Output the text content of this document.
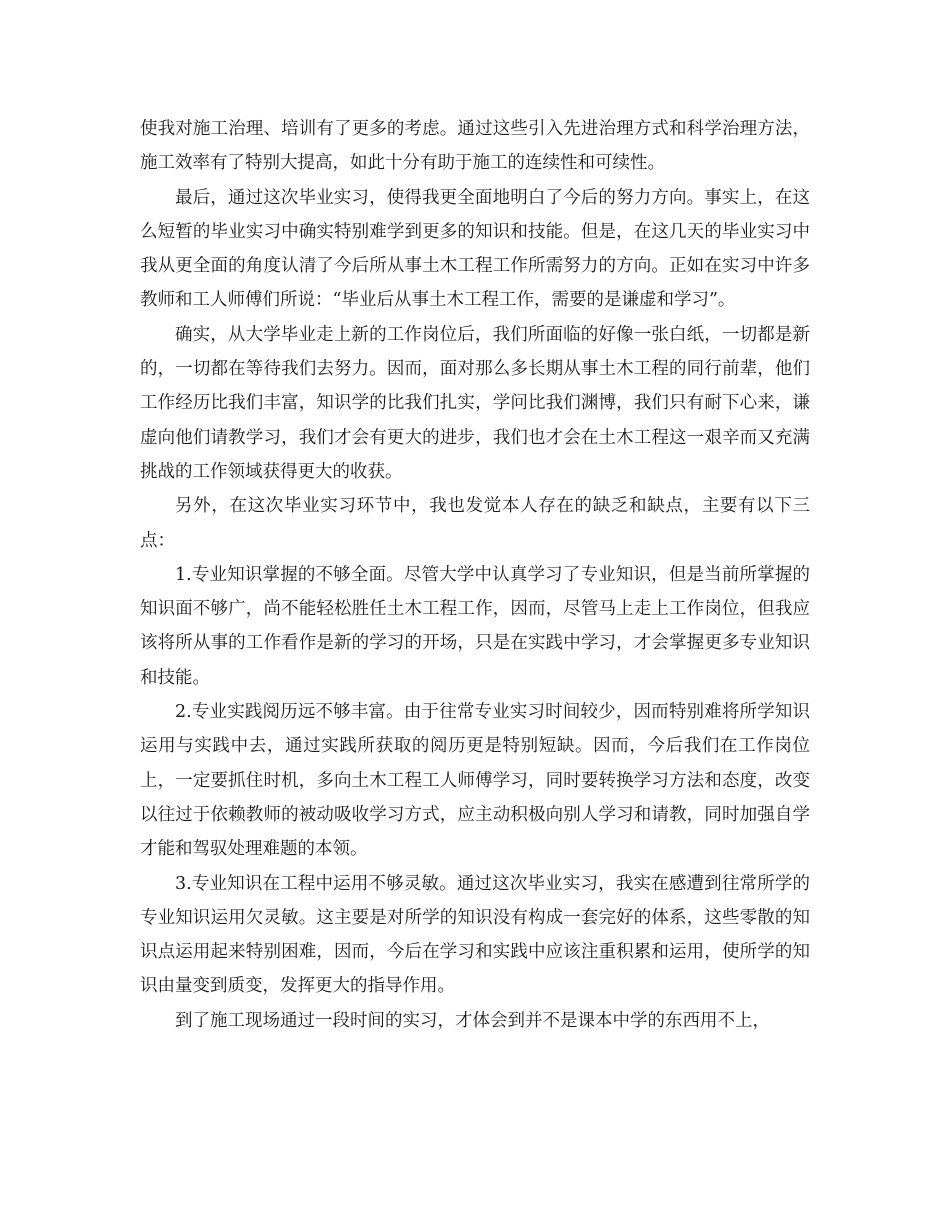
使我对施工治理、培训有了更多的考虑。通过这些引入先进治理方式和科学治理方法，施工效率有了特别大提高，如此十分有助于施工的连续性和可续性。

最后，通过这次毕业实习，使得我更全面地明白了今后的努力方向。事实上，在这么短暂的毕业实习中确实特别难学到更多的知识和技能。但是，在这几天的毕业实习中我从更全面的角度认清了今后所从事土木工程工作所需努力的方向。正如在实习中许多教师和工人师傅们所说：“毕业后从事土木工程工作，需要的是谦虚和学习”。

确实，从大学毕业走上新的工作岗位后，我们所面临的好像一张白纸，一切都是新的，一切都在等待我们去努力。因而，面对那么多长期从事土木工程的同行前辈，他们工作经历比我们丰富，知识学的比我们扎实，学问比我们渊博，我们只有耐下心来，谦虚向他们请教学习，我们才会有更大的进步，我们也才会在土木工程这一艰辛而又充满挑战的工作领域获得更大的收获。

另外，在这次毕业实习环节中，我也发觉本人存在的缺乏和缺点，主要有以下三点：

1.专业知识掌握的不够全面。尽管大学中认真学习了专业知识，但是当前所掌握的知识面不够广，尚不能轻松胜任土木工程工作，因而，尽管马上走上工作岗位，但我应该将所从事的工作看作是新的学习的开场，只是在实践中学习，才会掌握更多专业知识和技能。

2.专业实践阅历远不够丰富。由于往常专业实习时间较少，因而特别难将所学知识运用与实践中去，通过实践所获取的阅历更是特别短缺。因而，今后我们在工作岗位上，一定要抓住时机，多向土木工程工人师傅学习，同时要转换学习方法和态度，改变以往过于依赖教师的被动吸收学习方式，应主动积极向别人学习和请教，同时加强自学才能和驾驭处理难题的本领。

3.专业知识在工程中运用不够灵敏。通过这次毕业实习，我实在感遭到往常所学的专业知识运用欠灵敏。这主要是对所学的知识没有构成一套完好的体系，这些零散的知识点运用起来特别困难，因而，今后在学习和实践中应该注重积累和运用，使所学的知识由量变到质变，发挥更大的指导作用。

到了施工现场通过一段时间的实习，才体会到并不是课本中学的东西用不上，
